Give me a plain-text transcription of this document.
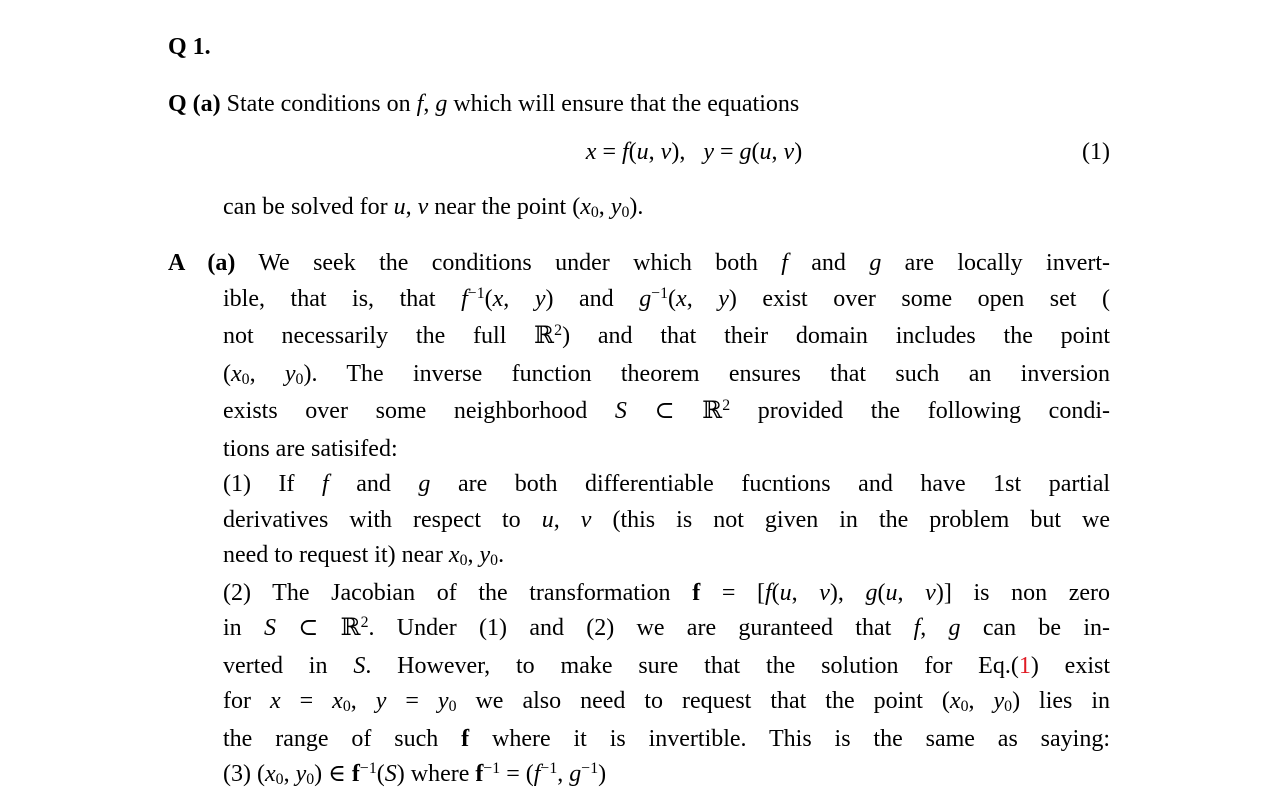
Q 1.
Q (a) State conditions on f, g which will ensure that the equations
x = f(u, v), y = g(u, v)	(1)
can be solved for u, v near the point (x0, y0).
A (a) We seek the conditions under which both f and g are locally invert-
ible, that is, that $f^{-1}(x$, y) and $g^{-1}(x$, y) exist over some open set (
not necessarily the full ℝ$^2$) and that their domain includes the point
(x0, y0). The inverse function theorem ensures that such an inversion
exists over some neighborhood S ⊂ ℝ$^2$ provided the following condi-
tions are satisifed:
(1) If f and g are both differentiable fucntions and have 1st partial
derivatives with respect to u, v (this is not given in the problem but we
need to request it) near x0, y0.
(2) The Jacobian of the transformation f = [f(u, v), g(u, v)] is non zero
in S ⊂ ℝ$^2$. Under (1) and (2) we are guranteed that f, g can be in-
verted in S. However, to make sure that the solution for Eq.(1) exist
for x = x0, y = y0 we also need to request that the point (x0, y0) lies in
the range of such f where it is invertible. This is the same as saying:
(3) (x0, y0) ∈ $f^{-1}(S)$ where $f^{-1} = (f^{-1}$, $g^{-1}$)
